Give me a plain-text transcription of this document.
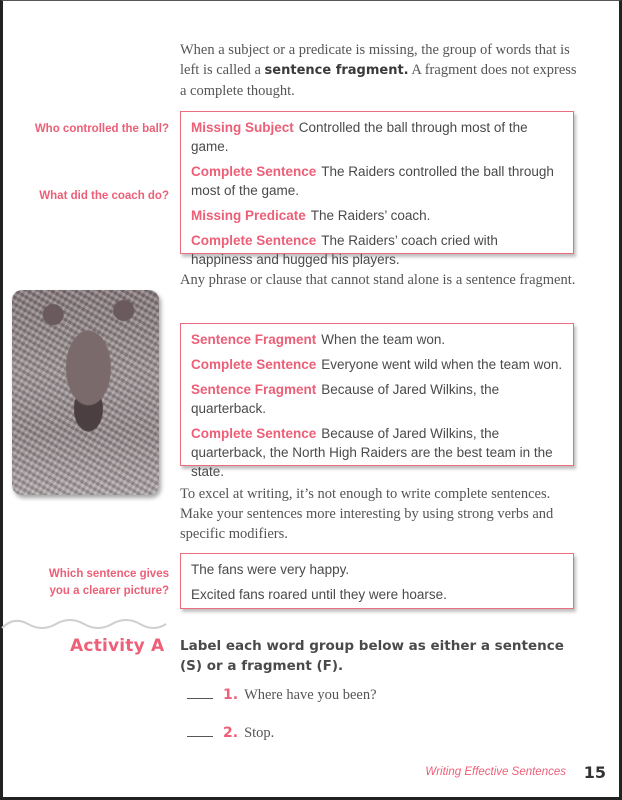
When a subject or a predicate is missing, the group of words that is left is called a sentence fragment. A fragment does not express a complete thought.

Who controlled the ball?
What did the coach do?
Missing Subject Controlled the ball through most of the game.
Complete Sentence The Raiders controlled the ball through most of the game.
Missing Predicate The Raiders’ coach.
Complete Sentence The Raiders’ coach cried with happiness and hugged his players.

Any phrase or clause that cannot stand alone is a sentence fragment.

Sentence Fragment When the team won.
Complete Sentence Everyone went wild when the team won.
Sentence Fragment Because of Jared Wilkins, the quarterback.
Complete Sentence Because of Jared Wilkins, the quarterback, the North High Raiders are the best team in the state.

To excel at writing, it’s not enough to write complete sentences. Make your sentences more interesting by using strong verbs and specific modifiers.

Which sentence gives
you a clearer picture?
The fans were very happy.
Excited fans roared until they were hoarse.
Activity A Label each word group below as either a sentence (S) or a fragment (F).
1. Where have you been?
2. Stop.
Writing Effective Sentences 15
